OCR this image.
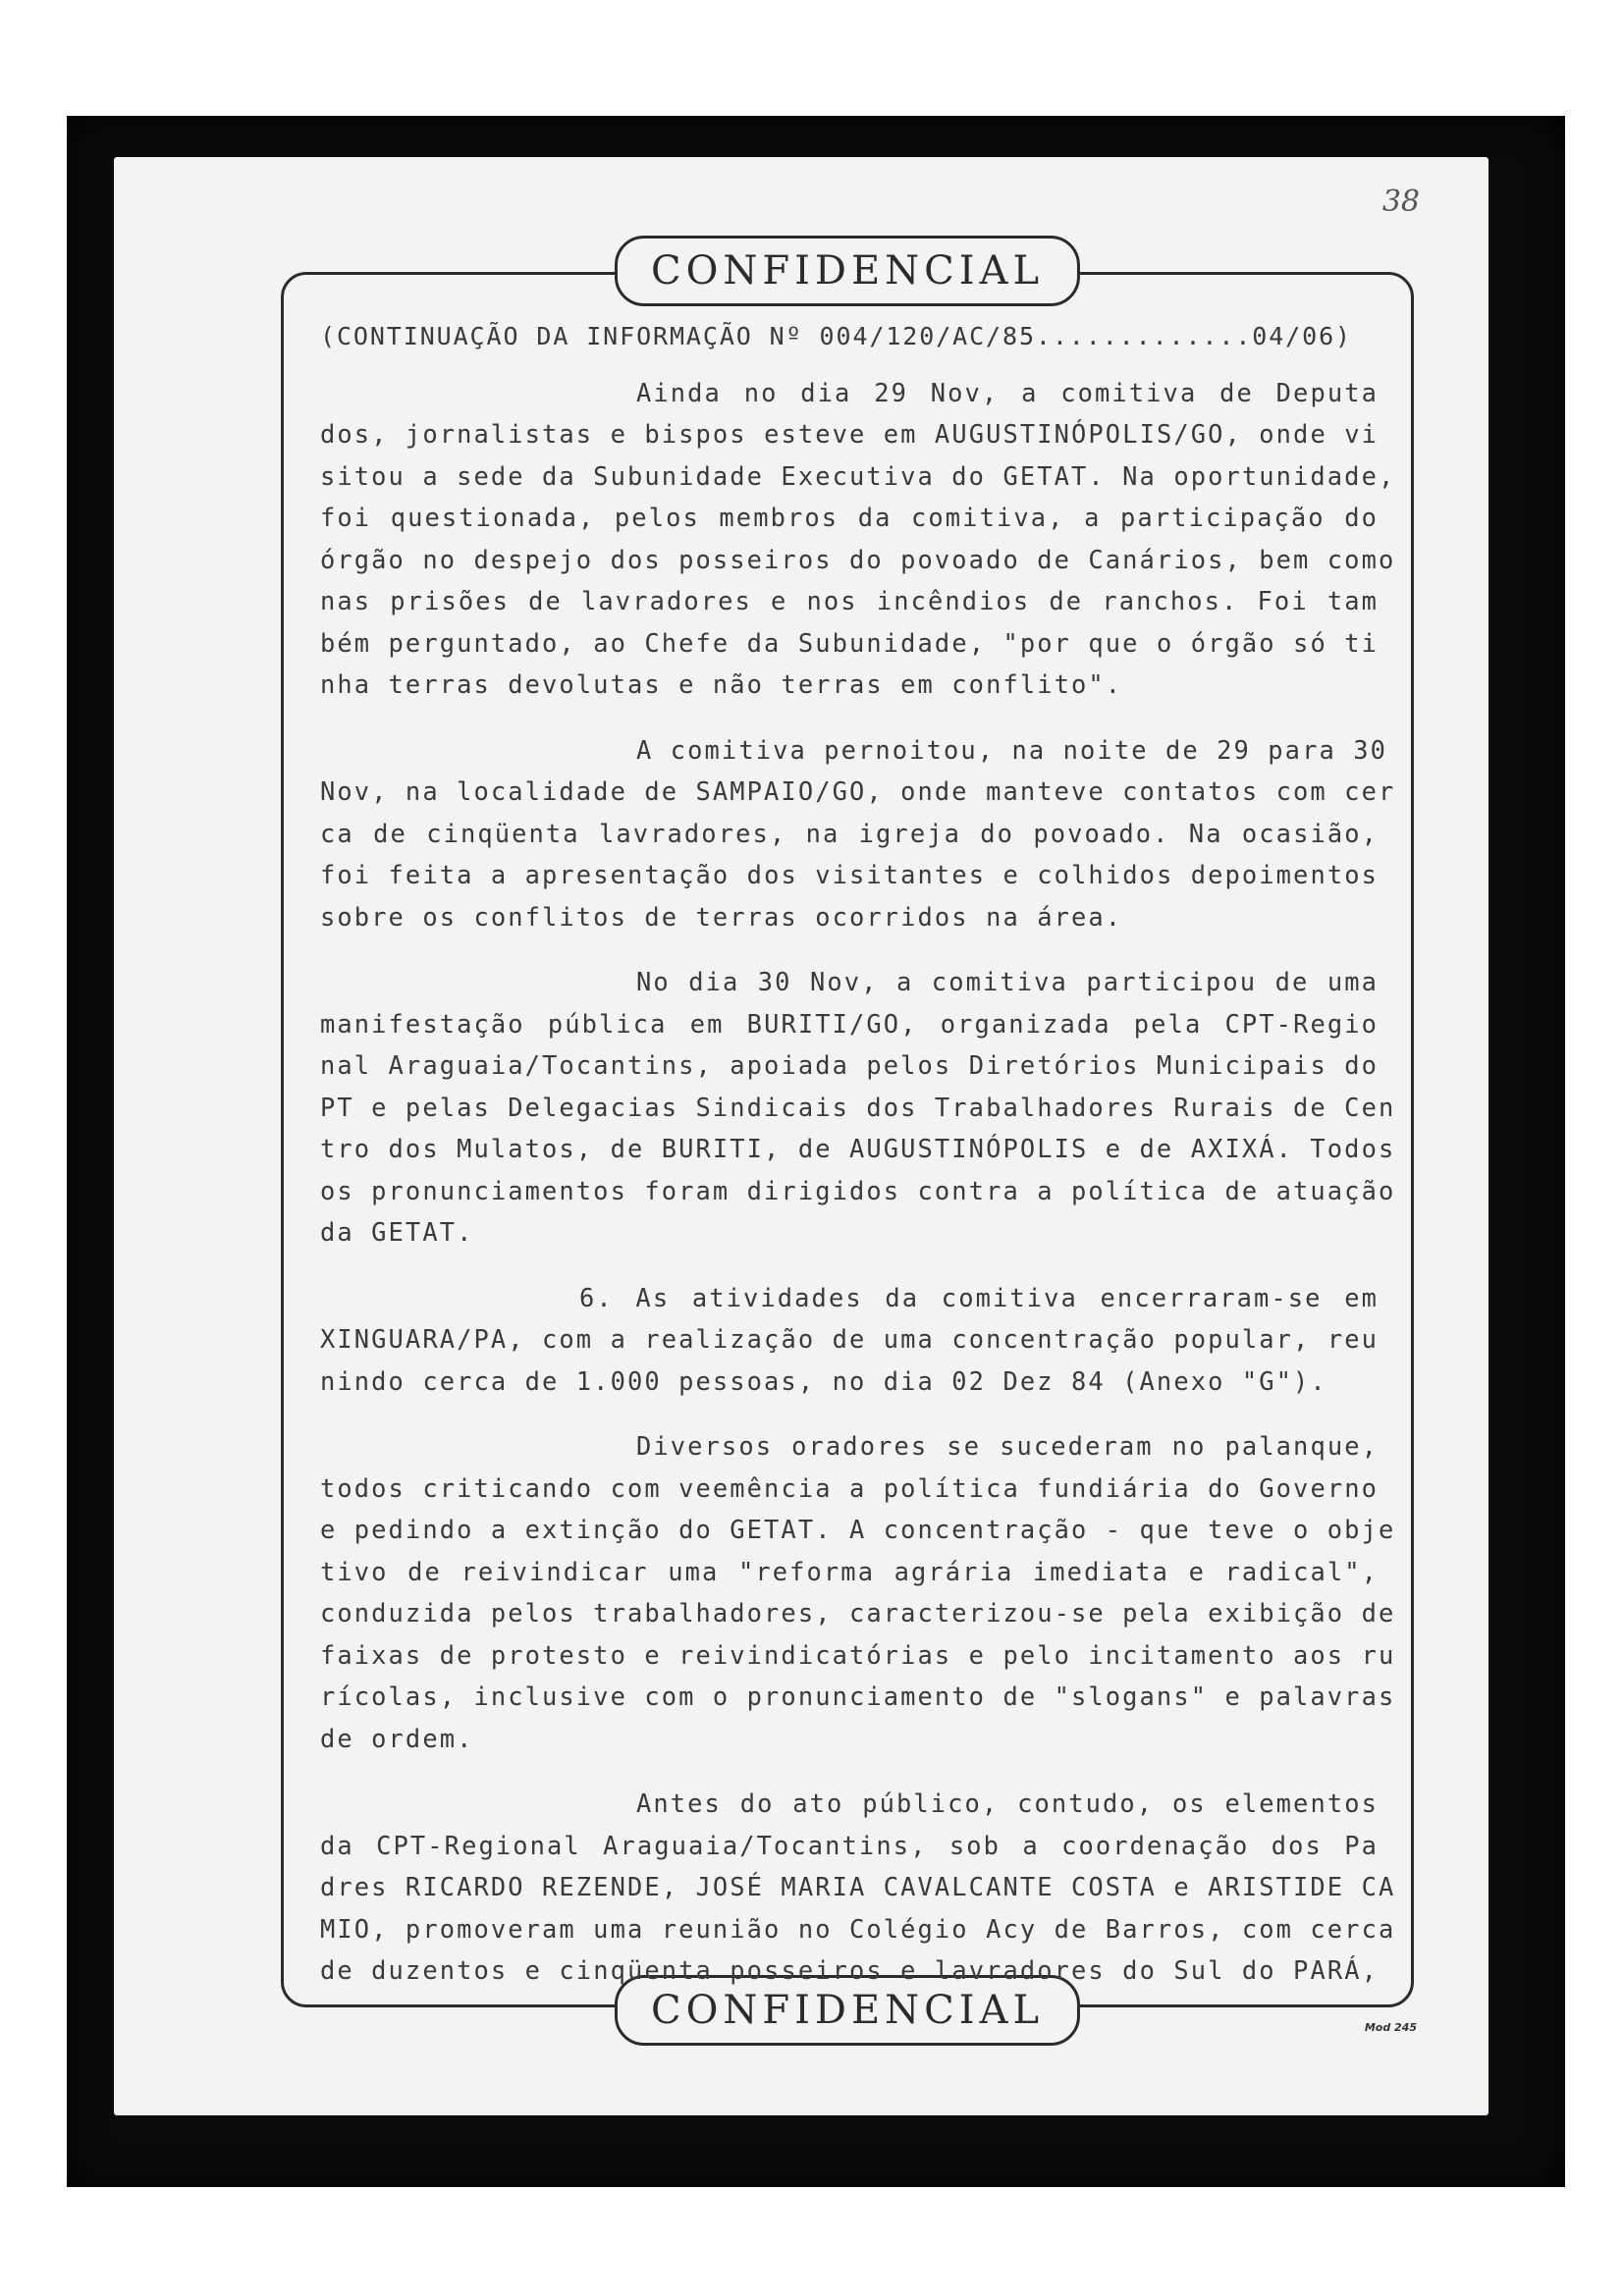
38
CONFIDENCIAL
CONFIDENCIAL	Mod 245
(CONTINUAÇÃO DA INFORMAÇÃO Nº 004/120/AC/85.............04/06)
Ainda no dia 29 Nov, a comitiva de Deputa
dos, jornalistas e bispos esteve em AUGUSTINÓPOLIS/GO, onde vi
sitou a sede da Subunidade Executiva do GETAT. Na oportunidade,
foi questionada, pelos membros da comitiva, a participação do
órgão no despejo dos posseiros do povoado de Canários, bem como
nas prisões de lavradores e nos incêndios de ranchos. Foi tam
bém perguntado, ao Chefe da Subunidade, "por que o órgão só ti
nha terras devolutas e não terras em conflito".
A comitiva pernoitou, na noite de 29 para 30
Nov, na localidade de SAMPAIO/GO, onde manteve contatos com cer
ca de cinqüenta lavradores, na igreja do povoado. Na ocasião,
foi feita a apresentação dos visitantes e colhidos depoimentos
sobre os conflitos de terras ocorridos na área.
No dia 30 Nov, a comitiva participou de uma
manifestação pública em BURITI/GO, organizada pela CPT-Regio
nal Araguaia/Tocantins, apoiada pelos Diretórios Municipais do
PT e pelas Delegacias Sindicais dos Trabalhadores Rurais de Cen
tro dos Mulatos, de BURITI, de AUGUSTINÓPOLIS e de AXIXÁ. Todos
os pronunciamentos foram dirigidos contra a política de atuação
da GETAT.
6. As atividades da comitiva encerraram-se em
XINGUARA/PA, com a realização de uma concentração popular, reu
nindo cerca de 1.000 pessoas, no dia 02 Dez 84 (Anexo "G").
Diversos oradores se sucederam no palanque,
todos criticando com veemência a política fundiária do Governo
e pedindo a extinção do GETAT. A concentração - que teve o obje
tivo de reivindicar uma "reforma agrária imediata e radical",
conduzida pelos trabalhadores, caracterizou-se pela exibição de
faixas de protesto e reivindicatórias e pelo incitamento aos ru
rícolas, inclusive com o pronunciamento de "slogans" e palavras
de ordem.
Antes do ato público, contudo, os elementos
da CPT-Regional Araguaia/Tocantins, sob a coordenação dos Pa
dres RICARDO REZENDE, JOSÉ MARIA CAVALCANTE COSTA e ARISTIDE CA
MIO, promoveram uma reunião no Colégio Acy de Barros, com cerca
de duzentos e cinqüenta posseiros e lavradores do Sul do PARÁ,
